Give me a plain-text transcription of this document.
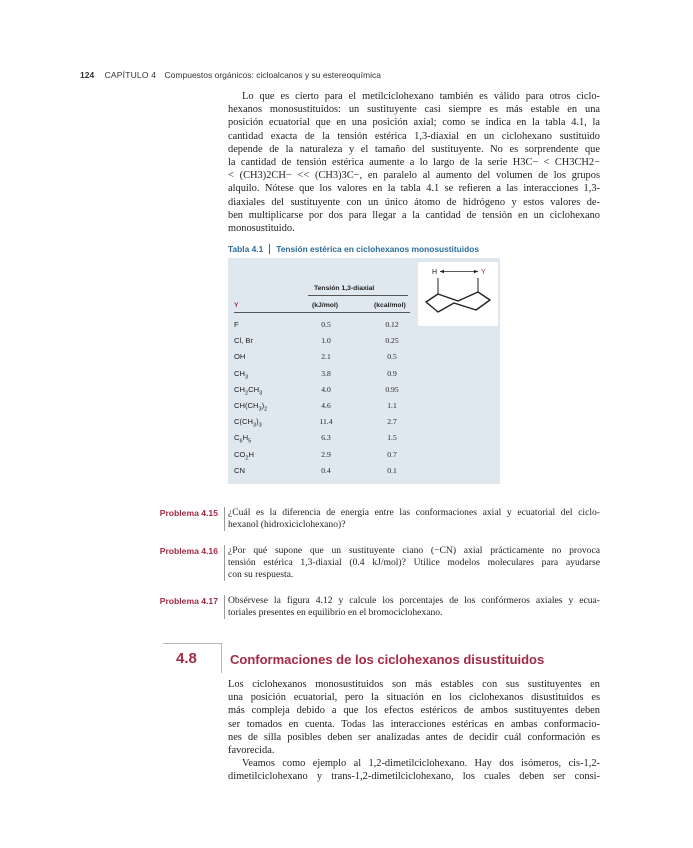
124 CAPÍTULO 4 Compuestos orgánicos: cicloalcanos y su estereoquímica
Lo que es cierto para el metilciclohexano también es válido para otros ciclo-
hexanos monosustituidos: un sustituyente casi siempre es más estable en una
posición ecuatorial que en una posición axial; como se indica en la tabla 4.1, la
cantidad exacta de la tensión estérica 1,3-diaxial en un ciclohexano sustituido
depende de la naturaleza y el tamaño del sustituyente. No es sorprendente que
la cantidad de tensión estérica aumente a lo largo de la serie H3C− < CH3CH2−
< (CH3)2CH− << (CH3)3C−, en paralelo al aumento del volumen de los grupos
alquilo. Nótese que los valores en la tabla 4.1 se refieren a las interacciones 1,3-
diaxiales del sustituyente con un único átomo de hidrógeno y estos valores de-
ben multiplicarse por dos para llegar a la cantidad de tensión en un ciclohexano
monosustituido.
Tabla 4.1 Tensión estérica en ciclohexanos monosustituidos
Tensión 1,3-diaxial
Y	(kJ/mol)	(kcal/mol)
H	Y
F	0.5	0.12
Cl, Br	1.0	0.25
OH	2.1	0.5
$CH_3$	3.8	0.9
$CH_2CH_3$	4.0	0.95
$CH(CH_3)_2$	4.6	1.1
$C(CH_3)_3$	11.4	2.7
$C_6H_5$	6.3	1.5
$CO_2H$	2.9	0.7
CN	0.4	0.1
Problema 4.15 ¿Cuál es la diferencia de energía entre las conformaciones axial y ecuatorial del ciclo-
hexanol (hidroxiciclohexano)?
Problema 4.16 ¿Por qué supone que un sustituyente ciano (−CN) axial prácticamente no provoca
tensión estérica 1,3-diaxial (0.4 kJ/mol)? Utilice modelos moleculares para ayudarse
con su respuesta.
Problema 4.17 Obsérvese la figura 4.12 y calcule los porcentajes de los confórmeros axiales y ecua-
toriales presentes en equilibrio en el bromociclohexano.
4.8	Conformaciones de los ciclohexanos disustituidos
Los ciclohexanos monosustituidos son más estables con sus sustituyentes en
una posición ecuatorial, pero la situación en los ciclohexanos disustituidos es
más compleja debido a que los efectos estéricos de ambos sustituyentes deben
ser tomados en cuenta. Todas las interacciones estéricas en ambas conformacio-
nes de silla posibles deben ser analizadas antes de decidir cuál conformación es
favorecida.
Veamos como ejemplo al 1,2-dimetilciclohexano. Hay dos isómeros, cis-1,2-
dimetilciclohexano y trans-1,2-dimetilciclohexano, los cuales deben ser consi-
